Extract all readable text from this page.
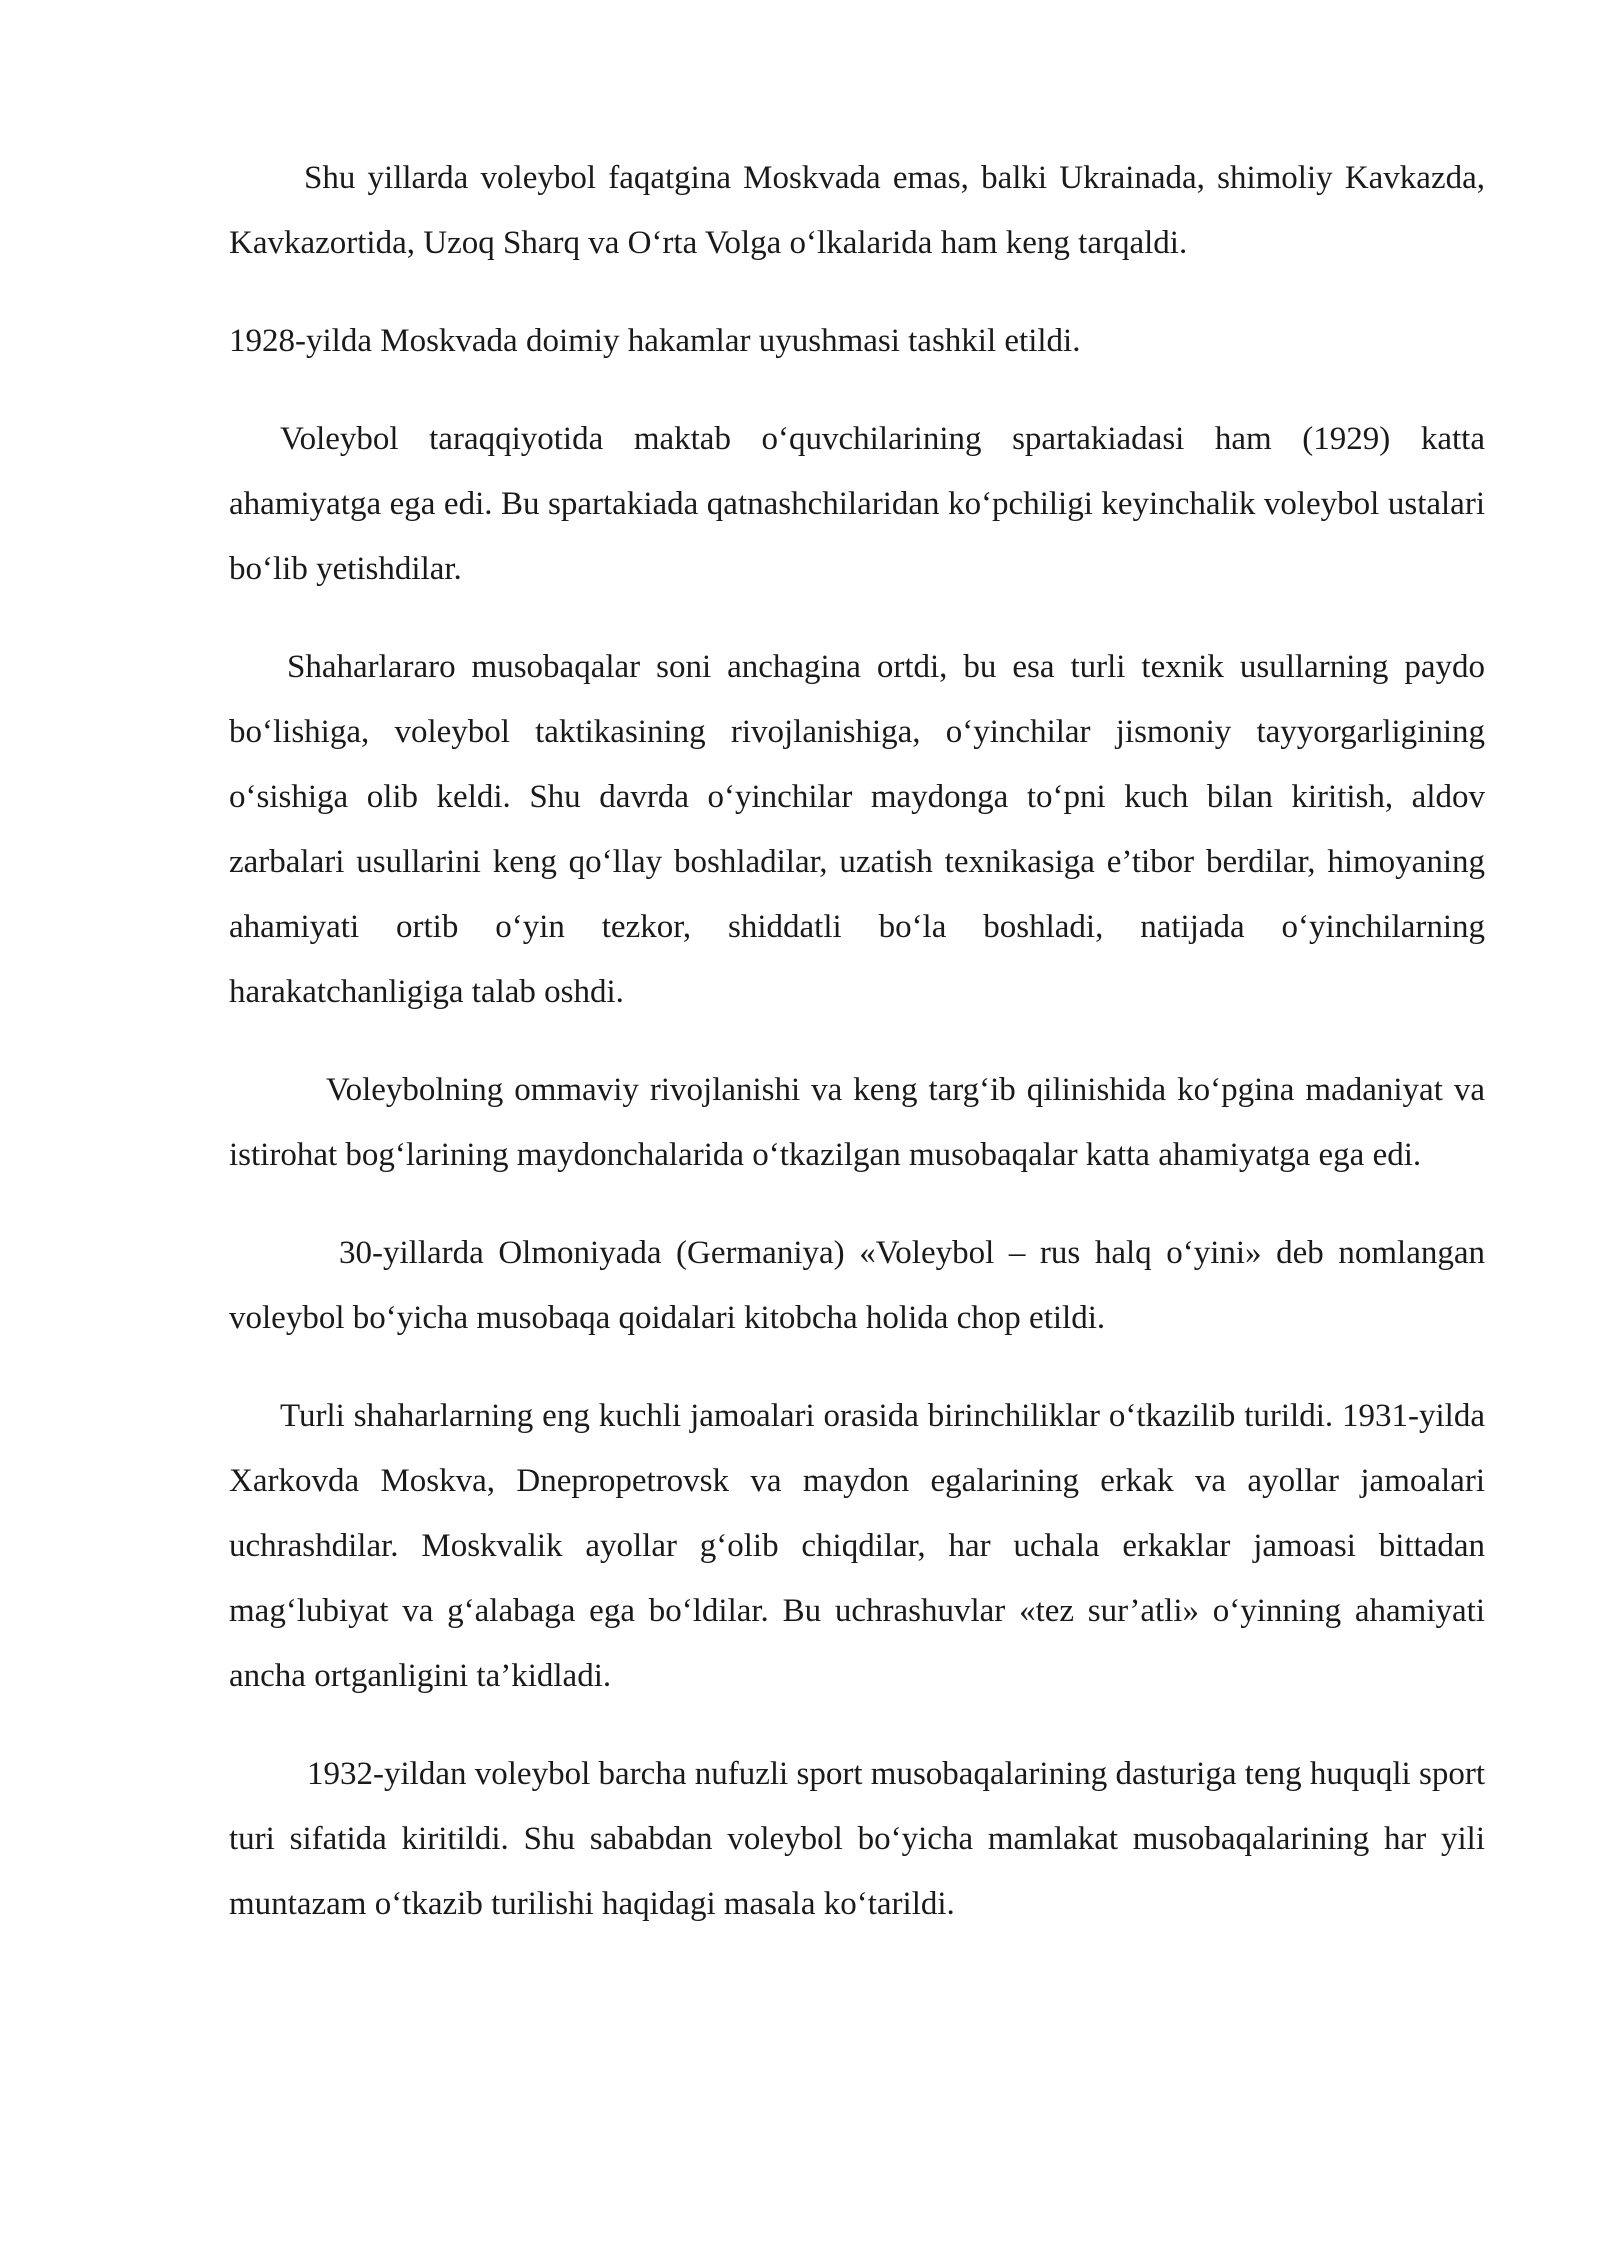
Shu yillarda voleybol faqatgina Moskvada emas, balki Ukrainada, shimoliy Kavkazda, Kavkazortida, Uzoq Sharq va O‘rta Volga o‘lkalarida ham keng tarqaldi.

1928-yilda Moskvada doimiy hakamlar uyushmasi tashkil etildi.

Voleybol taraqqiyotida maktab o‘quvchilarining spartakiadasi ham (1929) katta ahamiyatga ega edi. Bu spartakiada qatnashchilaridan ko‘pchiligi keyinchalik voleybol ustalari bo‘lib yetishdilar.

Shaharlararo musobaqalar soni anchagina ortdi, bu esa turli texnik usullarning paydo bo‘lishiga, voleybol taktikasining rivojlanishiga, o‘yinchilar jismoniy tayyorgarligining o‘sishiga olib keldi. Shu davrda o‘yinchilar maydonga to‘pni kuch bilan kiritish, aldov zarbalari usullarini keng qo‘llay boshladilar, uzatish texnikasiga e’tibor berdilar, himoyaning ahamiyati ortib o‘yin tezkor, shiddatli bo‘la boshladi, natijada o‘yinchilarning harakatchanligiga talab oshdi.

Voleybolning ommaviy rivojlanishi va keng targ‘ib qilinishida ko‘pgina madaniyat va istirohat bog‘larining maydonchalarida o‘tkazilgan musobaqalar katta ahamiyatga ega edi.

30-yillarda Olmoniyada (Germaniya) «Voleybol – rus halq o‘yini» deb nomlangan voleybol bo‘yicha musobaqa qoidalari kitobcha holida chop etildi.

Turli shaharlarning eng kuchli jamoalari orasida birinchiliklar o‘tkazilib turildi. 1931-yilda Xarkovda Moskva, Dnepropetrovsk va maydon egalarining erkak va ayollar jamoalari uchrashdilar. Moskvalik ayollar g‘olib chiqdilar, har uchala erkaklar jamoasi bittadan mag‘lubiyat va g‘alabaga ega bo‘ldilar. Bu uchrashuvlar «tez sur’atli» o‘yinning ahamiyati ancha ortganligini ta’kidladi.

1932-yildan voleybol barcha nufuzli sport musobaqalarining dasturiga teng huquqli sport turi sifatida kiritildi. Shu sababdan voleybol bo‘yicha mamlakat musobaqalarining har yili muntazam o‘tkazib turilishi haqidagi masala ko‘tarildi.
